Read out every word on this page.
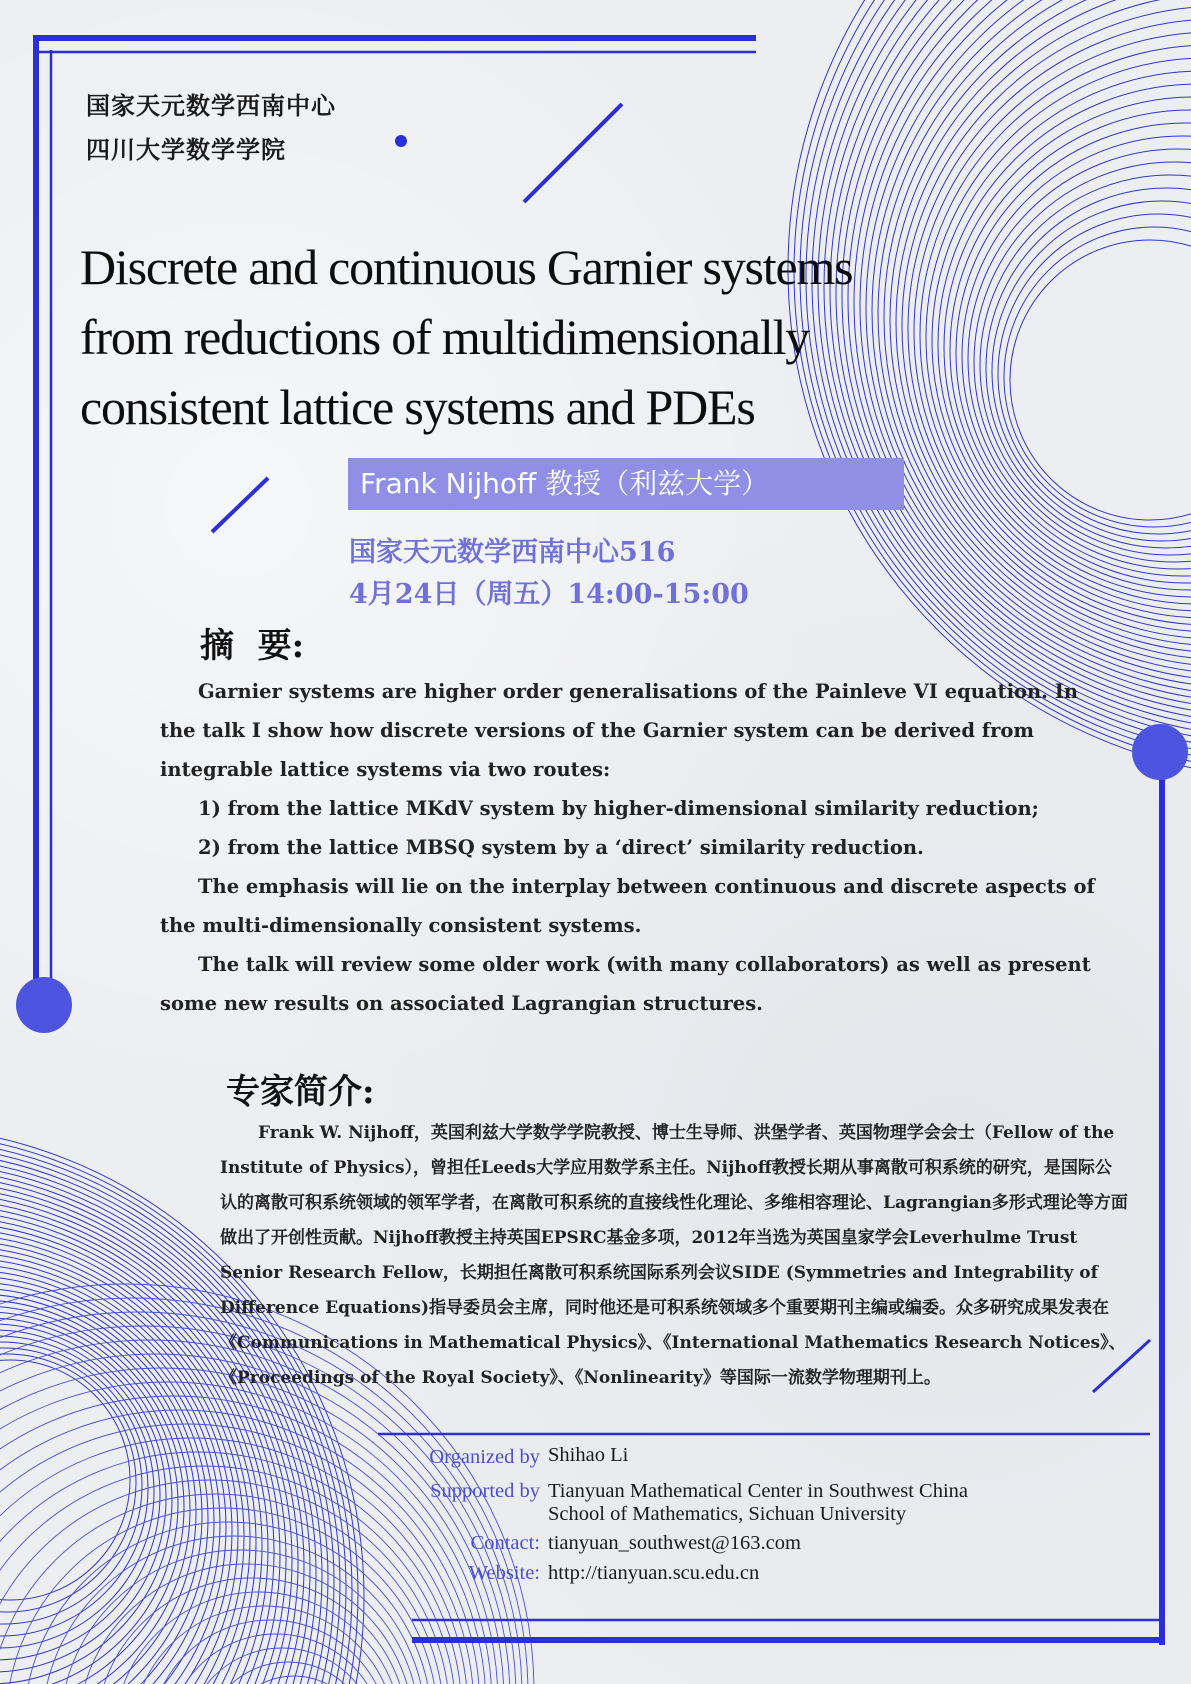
国家天元数学西南中心
四川大学数学学院
Discrete and continuous Garnier systems
from reductions of multidimensionally
consistent lattice systems and PDEs
Frank Nijhoff 教授（利兹大学）
国家天元数学西南中心516
4月24日（周五）14:00-15:00
摘  要:

Garnier systems are higher order generalisations of the Painleve VI equation. In the talk I show how discrete versions of the Garnier system can be derived from integrable lattice systems via two routes:

1) from the lattice MKdV system by higher-dimensional similarity reduction;

2) from the lattice MBSQ system by a ‘direct’ similarity reduction.

The emphasis will lie on the interplay between continuous and discrete aspects of the multi-dimensionally consistent systems.

The talk will review some older work (with many collaborators) as well as present some new results on associated Lagrangian structures.

专家简介:
Frank W. Nijhoff，英国利兹大学数学学院教授、博士生导师、洪堡学者、英国物理学会会士（Fellow of the Institute of Physics），曾担任Leeds大学应用数学系主任。Nijhoff教授长期从事离散可积系统的研究，是国际公认的离散可积系统领域的领军学者，在离散可积系统的直接线性化理论、多维相容理论、Lagrangian多形式理论等方面做出了开创性贡献。Nijhoff教授主持英国EPSRC基金多项，2012年当选为英国皇家学会Leverhulme Trust Senior Research Fellow，长期担任离散可积系统国际系列会议SIDE (Symmetries and Integrability of Difference Equations)指导委员会主席，同时他还是可积系统领域多个重要期刊主编或编委。众多研究成果发表在《Communications in Mathematical Physics》、《International Mathematics Research Notices》、《Proceedings of the Royal Society》、《Nonlinearity》等国际一流数学物理期刊上。
Organized by Shihao Li
Supported by Tianyuan Mathematical Center in Southwest China
School of Mathematics, Sichuan University
Contact: tianyuan_southwest@163.com
Website: http://tianyuan.scu.edu.cn
